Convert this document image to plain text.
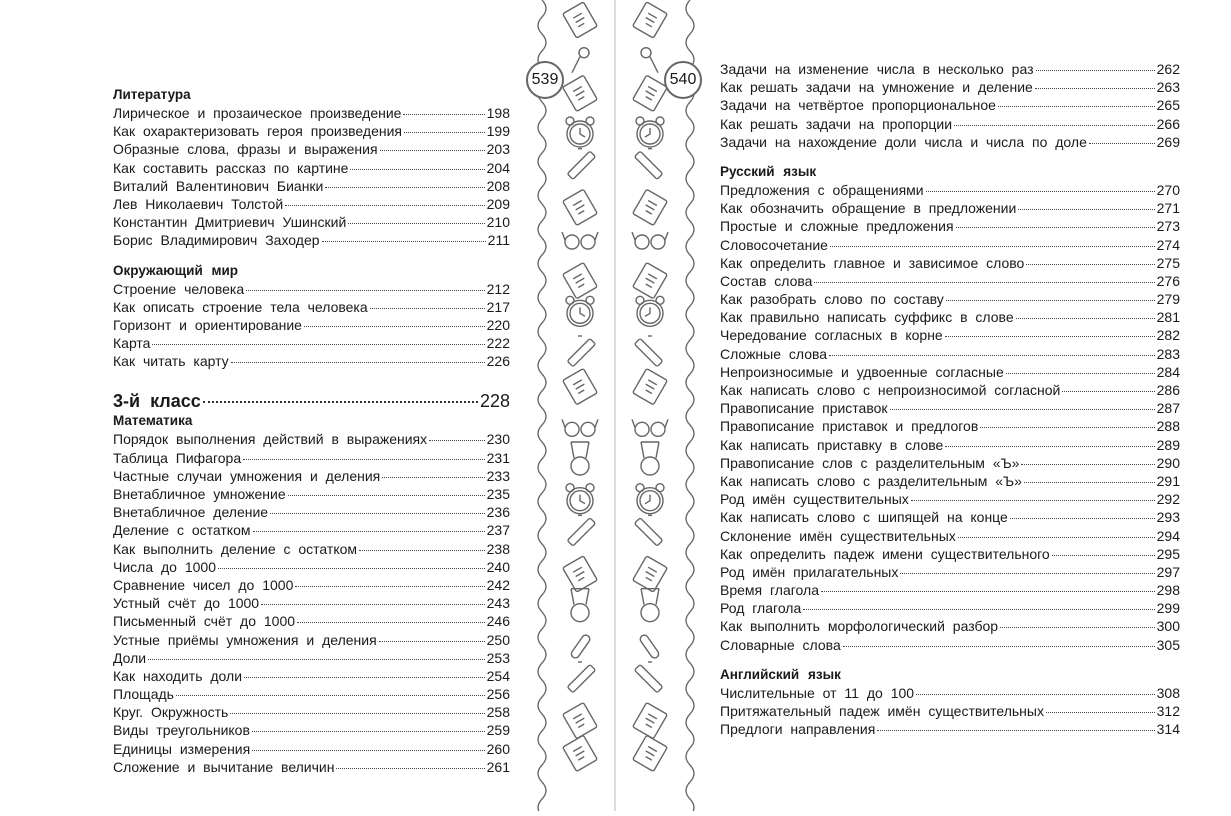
539	540
Литература
Лирическое и прозаическое произведение	198
Как охарактеризовать героя произведения	199
Образные слова, фразы и выражения	203
Как составить рассказ по картине	204
Виталий Валентинович Бианки	208
Лев Николаевич Толстой	209
Константин Дмитриевич Ушинский	210
Борис Владимирович Заходер	211
Окружающий мир
Строение человека	212
Как описать строение тела человека	217
Горизонт и ориентирование	220
Карта	222
Как читать карту	226
3-й класс	228
Математика
Порядок выполнения действий в выражениях	230
Таблица Пифагора	231
Частные случаи умножения и деления	233
Внетабличное умножение	235
Внетабличное деление	236
Деление с остатком	237
Как выполнить деление с остатком	238
Числа до 1000	240
Сравнение чисел до 1000	242
Устный счёт до 1000	243
Письменный счёт до 1000	246
Устные приёмы умножения и деления	250
Доли	253
Как находить доли	254
Площадь	256
Круг. Окружность	258
Виды треугольников	259
Единицы измерения	260
Сложение и вычитание величин	261
Задачи на изменение числа в несколько раз	262
Как решать задачи на умножение и деление	263
Задачи на четвёртое пропорциональное	265
Как решать задачи на пропорции	266
Задачи на нахождение доли числа и числа по доле	269
Русский язык
Предложения с обращениями	270
Как обозначить обращение в предложении	271
Простые и сложные предложения	273
Словосочетание	274
Как определить главное и зависимое слово	275
Состав слова	276
Как разобрать слово по составу	279
Как правильно написать суффикс в слове	281
Чередование согласных в корне	282
Сложные слова	283
Непроизносимые и удвоенные согласные	284
Как написать слово с непроизносимой согласной	286
Правописание приставок	287
Правописание приставок и предлогов	288
Как написать приставку в слове	289
Правописание слов с разделительным «Ъ»	290
Как написать слово с разделительным «Ъ»	291
Род имён существительных	292
Как написать слово с шипящей на конце	293
Склонение имён существительных	294
Как определить падеж имени существительного	295
Род имён прилагательных	297
Время глагола	298
Род глагола	299
Как выполнить морфологический разбор	300
Словарные слова	305
Английский язык
Числительные от 11 до 100	308
Притяжательный падеж имён существительных	312
Предлоги направления	314
